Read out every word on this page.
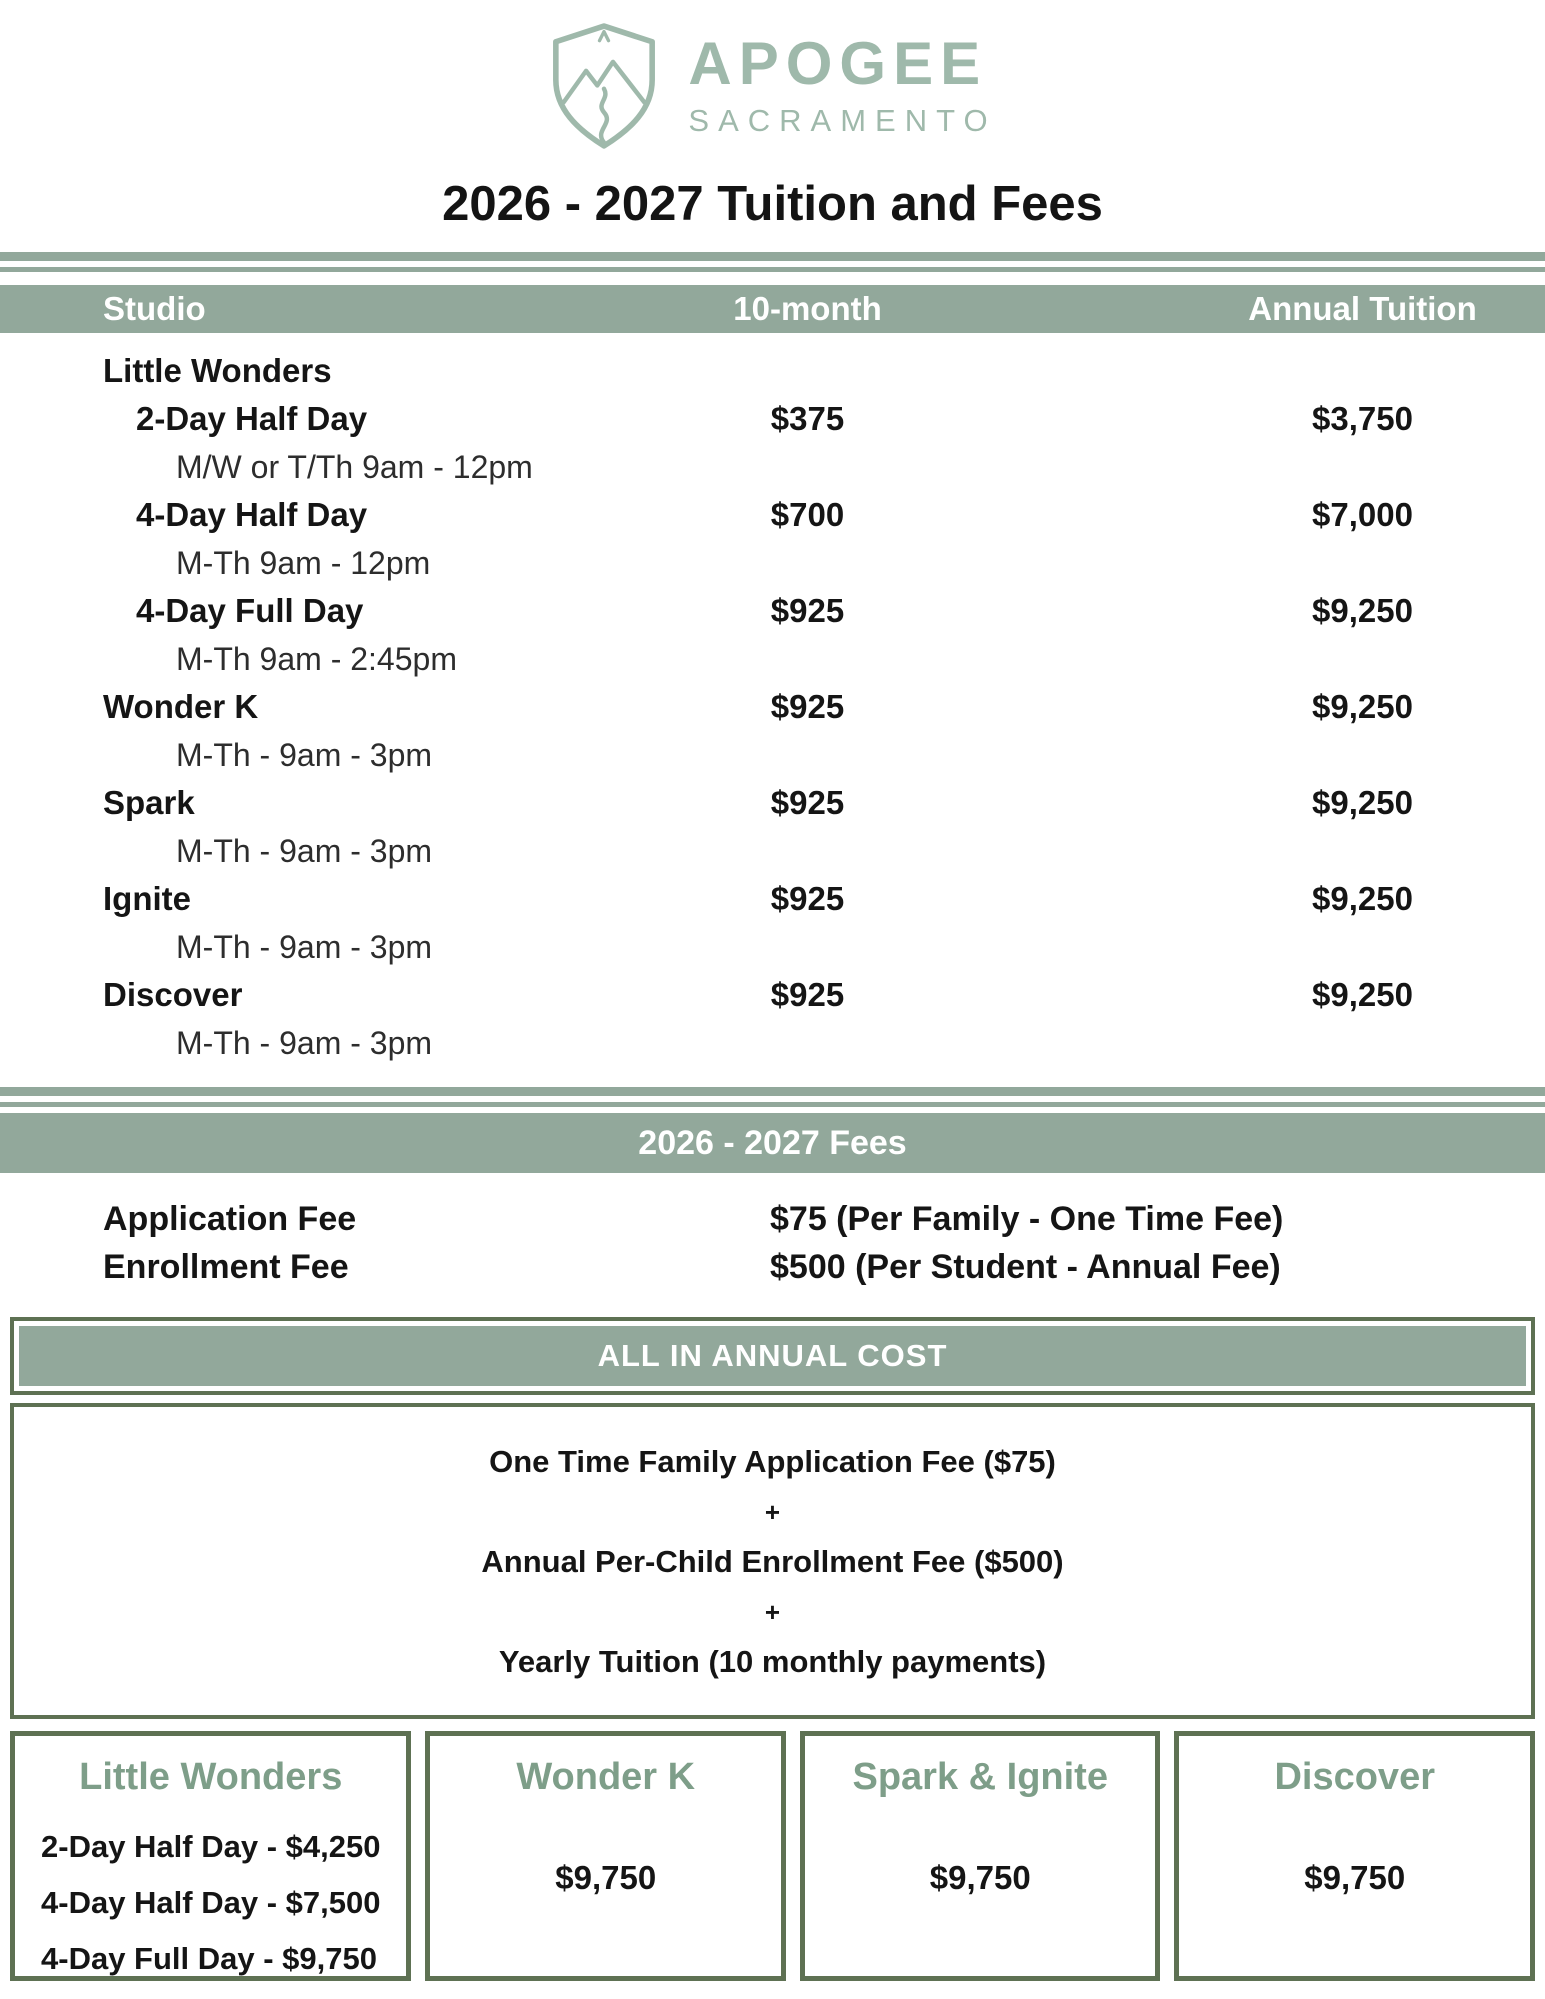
APOGEE
SACRAMENTO
2026 - 2027 Tuition and Fees
Studio	10-month	Annual Tuition
Little Wonders
2-Day Half Day	$375	$3,750
M/W or T/Th 9am - 12pm
4-Day Half Day	$700	$7,000
M-Th 9am - 12pm
4-Day Full Day	$925	$9,250
M-Th 9am - 2:45pm
Wonder K	$925	$9,250
M-Th - 9am - 3pm
Spark	$925	$9,250
M-Th - 9am - 3pm
Ignite	$925	$9,250
M-Th - 9am - 3pm
Discover	$925	$9,250
M-Th - 9am - 3pm
2026 - 2027 Fees
Application Fee	$75 (Per Family - One Time Fee)
Enrollment Fee	$500 (Per Student - Annual Fee)
ALL IN ANNUAL COST
One Time Family Application Fee ($75)
+
Annual Per-Child Enrollment Fee ($500)
+
Yearly Tuition (10 monthly payments)
Little Wonders
2-Day Half Day - $4,250
4-Day Half Day - $7,500
4-Day Full Day - $9,750
Wonder K
$9,750
Spark & Ignite
$9,750
Discover
$9,750
